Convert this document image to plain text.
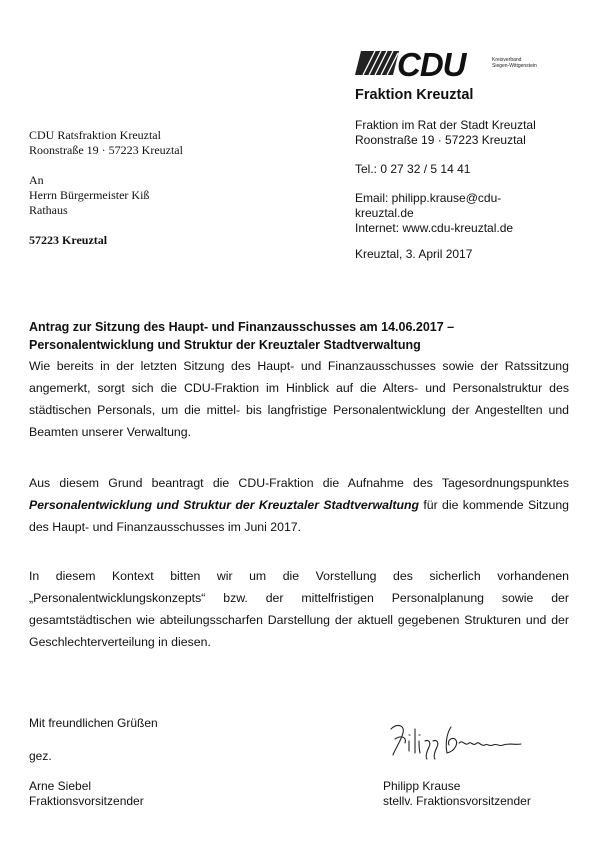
CDU	Kreisverband
Siegen-Wittgenstein
Fraktion Kreuztal
CDU Ratsfraktion Kreuztal
Roonstraße 19 · 57223 Kreuztal
An
Herrn Bürgermeister Kiß
Rathaus
57223 Kreuztal
Fraktion im Rat der Stadt Kreuztal
Roonstraße 19 · 57223 Kreuztal
Tel.: 0 27 32 / 5 14 41
Email: philipp.krause@cdu-
kreuztal.de
Internet: www.cdu-kreuztal.de
Kreuztal, 3. April 2017
Antrag zur Sitzung des Haupt- und Finanzausschusses am 14.06.2017 –
Personalentwicklung und Struktur der Kreuztaler Stadtverwaltung
Wie bereits in der letzten Sitzung des Haupt- und Finanzausschusses sowie der Ratssitzung angemerkt, sorgt sich die CDU-Fraktion im Hinblick auf die Alters- und Personalstruktur des städtischen Personals, um die mittel- bis langfristige Personalentwicklung der Angestellten und Beamten unserer Verwaltung.
Aus diesem Grund beantragt die CDU-Fraktion die Aufnahme des Tagesordnungspunktes Personalentwicklung und Struktur der Kreuztaler Stadtverwaltung für die kommende Sitzung des Haupt- und Finanzausschusses im Juni 2017.
In diesem Kontext bitten wir um die Vorstellung des sicherlich vorhandenen „Personalentwicklungskonzepts“ bzw. der mittelfristigen Personalplanung sowie der gesamtstädtischen wie abteilungsscharfen Darstellung der aktuell gegebenen Strukturen und der Geschlechterverteilung in diesen.
Mit freundlichen Grüßen
gez.
Arne Siebel
Fraktionsvorsitzender
Philipp Krause
stellv. Fraktionsvorsitzender
